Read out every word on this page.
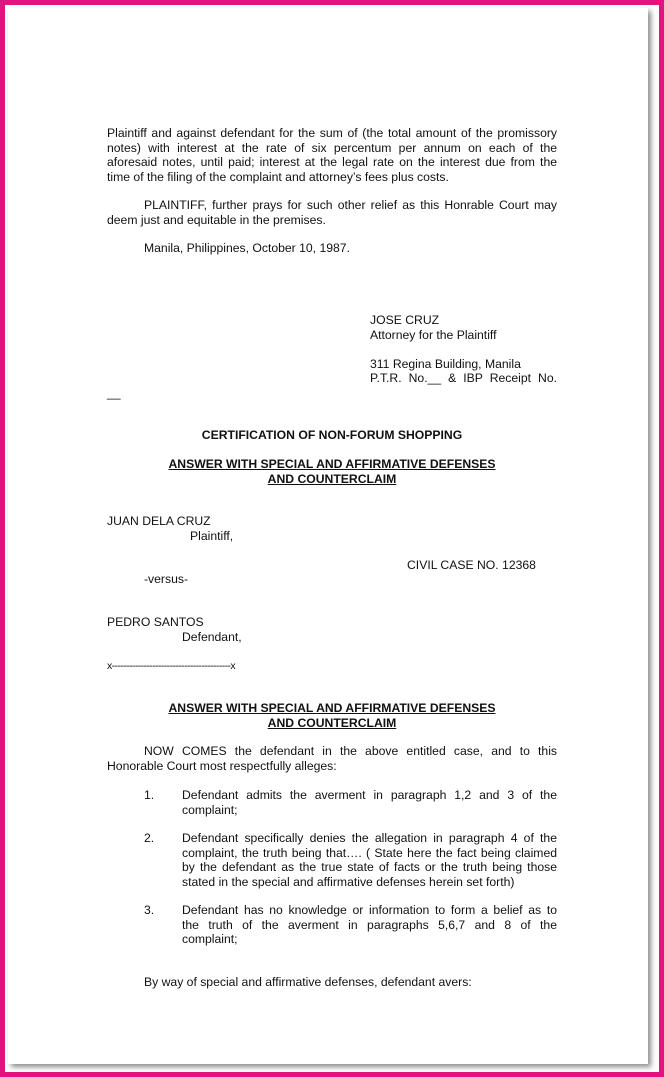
Plaintiff and against defendant for the sum of (the total amount of the promissory
notes) with interest at the rate of six percentum per annum on each of the
aforesaid notes, until paid; interest at the legal rate on the interest due from the
time of the filing of the complaint and attorney’s fees plus costs.
PLAINTIFF, further prays for such other relief as this Honrable Court may
deem just and equitable in the premises.
Manila, Philippines, October 10, 1987.
JOSE CRUZ
Attorney for the Plaintiff
311 Regina Building, Manila
P.T.R. No.__ & IBP Receipt No.
__
CERTIFICATION OF NON-FORUM SHOPPING
ANSWER WITH SPECIAL AND AFFIRMATIVE DEFENSES
AND COUNTERCLAIM
JUAN DELA CRUZ
Plaintiff,
CIVIL CASE NO. 12368
-versus-
PEDRO SANTOS
Defendant,
x-----------------------------------------x
ANSWER WITH SPECIAL AND AFFIRMATIVE DEFENSES
AND COUNTERCLAIM
NOW COMES the defendant in the above entitled case, and to this
Honorable Court most respectfully alleges:
1. Defendant admits the averment in paragraph 1,2 and 3 of the
complaint;
2. Defendant specifically denies the allegation in paragraph 4 of the
complaint, the truth being that…. ( State here the fact being claimed
by the defendant as the true state of facts or the truth being those
stated in the special and affirmative defenses herein set forth)
3. Defendant has no knowledge or information to form a belief as to
the truth of the averment in paragraphs 5,6,7 and 8 of the
complaint;
By way of special and affirmative defenses, defendant avers:
